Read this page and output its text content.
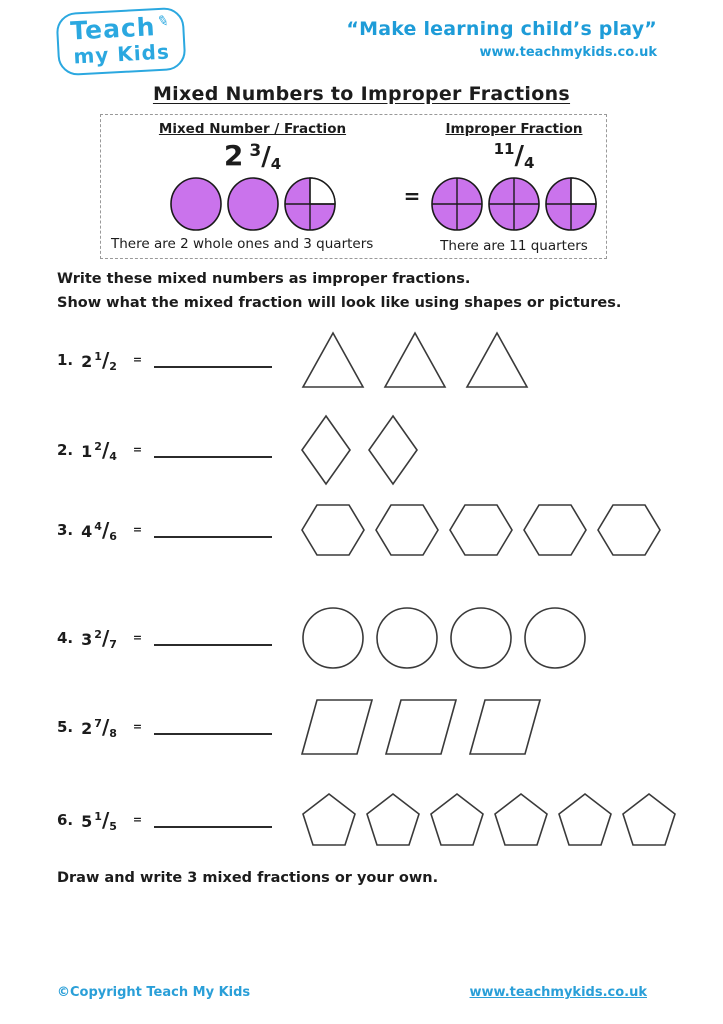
Teach✎
my Kids
“Make learning child’s play”
www.teachmykids.co.uk
Mixed Numbers to Improper Fractions
Mixed Number / Fraction
2 3/4
There are 2 whole ones and 3 quarters
=
Improper Fraction
11/4
There are 11 quarters
Write these mixed numbers as improper fractions.
Show what the mixed fraction will look like using shapes or pictures.
1. 2 $^1$/2 =
2. 1 $^2$/4 =
3. 4 $^4$/6 =
4. 3 $^2$/7 =
5. 2 $^7$/8 =
6. 5 $^1$/5 =
Draw and write 3 mixed fractions or your own.
©Copyright Teach My Kids	www.teachmykids.co.uk
